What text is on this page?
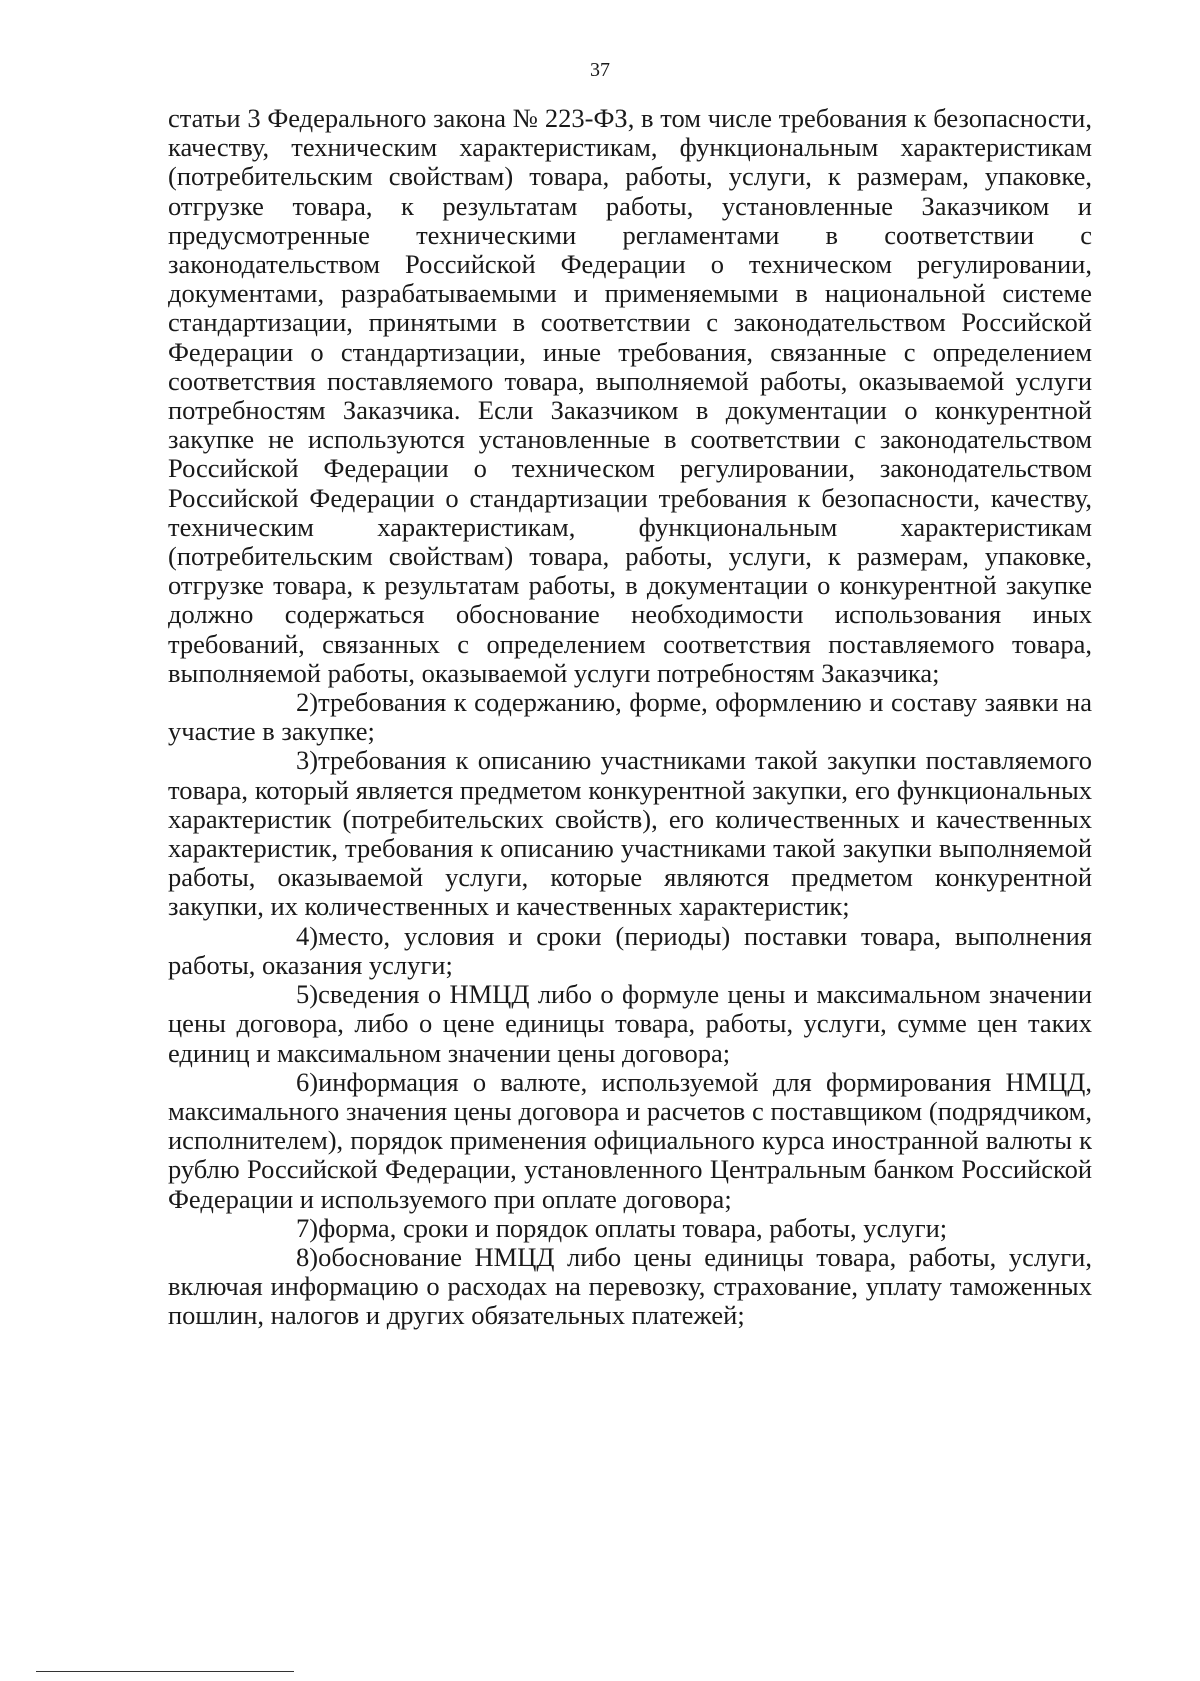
37

статьи 3 Федерального закона № 223-ФЗ, в том числе требования к безопасности, качеству, техническим характеристикам, функциональным характеристикам (потребительским свойствам) товара, работы, услуги, к размерам, упаковке, отгрузке товара, к результатам работы, установленные Заказчиком и предусмотренные техническими регламентами в соответствии с законодательством Российской Федерации о техническом регулировании, документами, разрабатываемыми и применяемыми в национальной системе стандартизации, принятыми в соответствии с законодательством Российской Федерации о стандартизации, иные требования, связанные с определением соответствия поставляемого товара, выполняемой работы, оказываемой услуги потребностям Заказчика. Если Заказчиком в документации о конкурентной закупке не используются установленные в соответствии с законодательством Российской Федерации о техническом регулировании, законодательством Российской Федерации о стандартизации требования к безопасности, качеству, техническим характеристикам, функциональным характеристикам (потребительским свойствам) товара, работы, услуги, к размерам, упаковке, отгрузке товара, к результатам работы, в документации о конкурентной закупке должно содержаться обоснование необходимости использования иных требований, связанных с определением соответствия поставляемого товара, выполняемой работы, оказываемой услуги потребностям Заказчика;

2)требования к содержанию, форме, оформлению и составу заявки на участие в закупке;

3)требования к описанию участниками такой закупки поставляемого товара, который является предметом конкурентной закупки, его функциональных характеристик (потребительских свойств), его количественных и качественных характеристик, требования к описанию участниками такой закупки выполняемой работы, оказываемой услуги, которые являются предметом конкурентной закупки, их количественных и качественных характеристик;

4)место, условия и сроки (периоды) поставки товара, выполнения работы, оказания услуги;

5)сведения о НМЦД либо о формуле цены и максимальном значении цены договора, либо о цене единицы товара, работы, услуги, сумме цен таких единиц и максимальном значении цены договора;

6)информация о валюте, используемой для формирования НМЦД, максимального значения цены договора и расчетов с поставщиком (подрядчиком, исполнителем), порядок применения официального курса иностранной валюты к рублю Российской Федерации, установленного Центральным банком Российской Федерации и используемого при оплате договора;

7)форма, сроки и порядок оплаты товара, работы, услуги;

8)обоснование НМЦД либо цены единицы товара, работы, услуги, включая информацию о расходах на перевозку, страхование, уплату таможенных пошлин, налогов и других обязательных платежей;
